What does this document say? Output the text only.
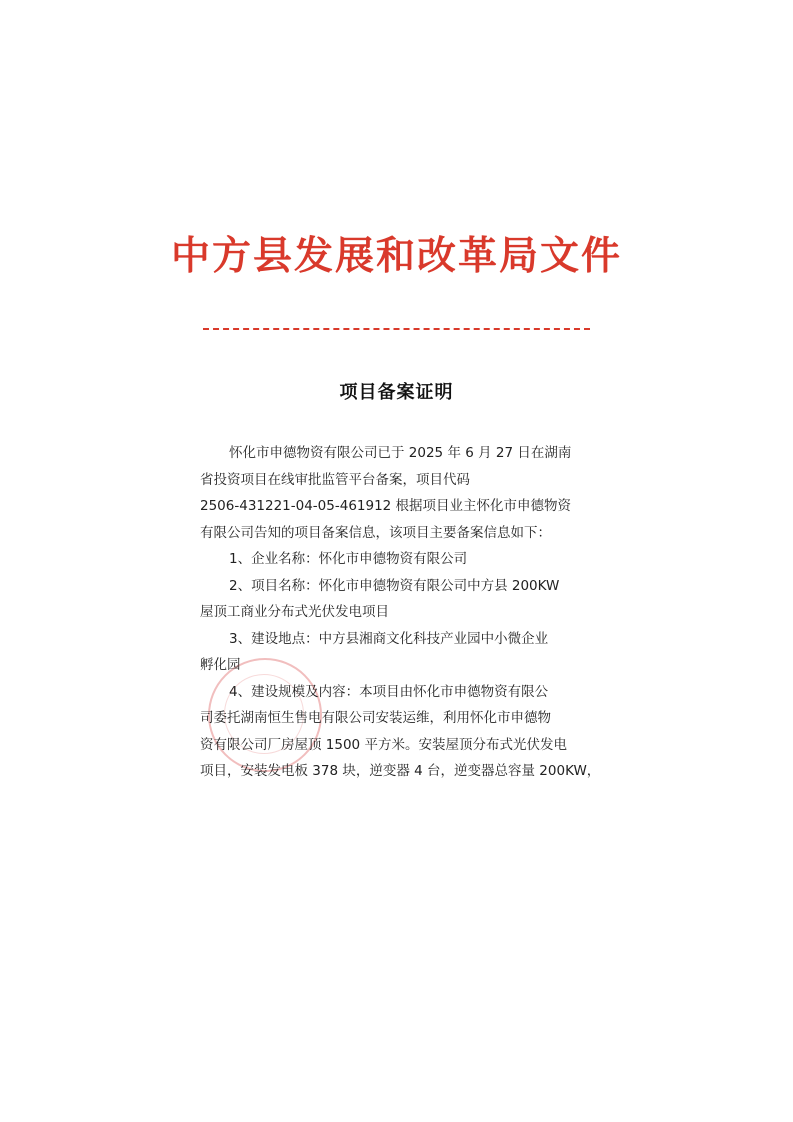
中方县发展和改革局文件
项目备案证明
怀化市申德物资有限公司已于 2025 年 6 月 27 日在湖南
省投资项目在线审批监管平台备案，项目代码
2506-431221-04-05-461912 根据项目业主怀化市申德物资
有限公司告知的项目备案信息，该项目主要备案信息如下：
1、企业名称：怀化市申德物资有限公司
2、项目名称：怀化市申德物资有限公司中方县 200KW
屋顶工商业分布式光伏发电项目
3、建设地点：中方县湘商文化科技产业园中小微企业
孵化园
4、建设规模及内容：本项目由怀化市申德物资有限公
司委托湖南恒生售电有限公司安装运维，利用怀化市申德物
资有限公司厂房屋顶 1500 平方米。安装屋顶分布式光伏发电
项目，安装发电板 378 块，逆变器 4 台，逆变器总容量 200KW，
